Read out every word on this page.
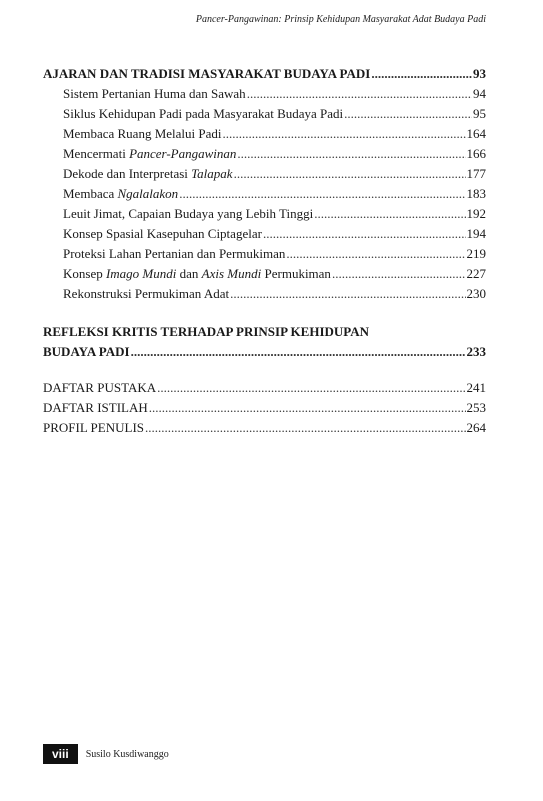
Pancer-Pangawinan: Prinsip Kehidupan Masyarakat Adat Budaya Padi
AJARAN DAN TRADISI MASYARAKAT BUDAYA PADI .....	93
Sistem Pertanian Huma dan Sawah .....	94
Siklus Kehidupan Padi pada Masyarakat Budaya Padi .....	95
Membaca Ruang Melalui Padi .....	164
Mencermati Pancer-Pangawinan .....	166
Dekode dan Interpretasi Talapak .....	177
Membaca Ngalalakon .....	183
Leuit Jimat, Capaian Budaya yang Lebih Tinggi .....	192
Konsep Spasial Kasepuhan Ciptagelar .....	194
Proteksi Lahan Pertanian dan Permukiman .....	219
Konsep Imago Mundi dan Axis Mundi Permukiman .....	227
Rekonstruksi Permukiman Adat .....	230
REFLEKSI KRITIS TERHADAP PRINSIP KEHIDUPAN
BUDAYA PADI .....	233
DAFTAR PUSTAKA .....	241
DAFTAR ISTILAH .....	253
PROFIL PENULIS .....	264
viii	Susilo Kusdiwanggo
